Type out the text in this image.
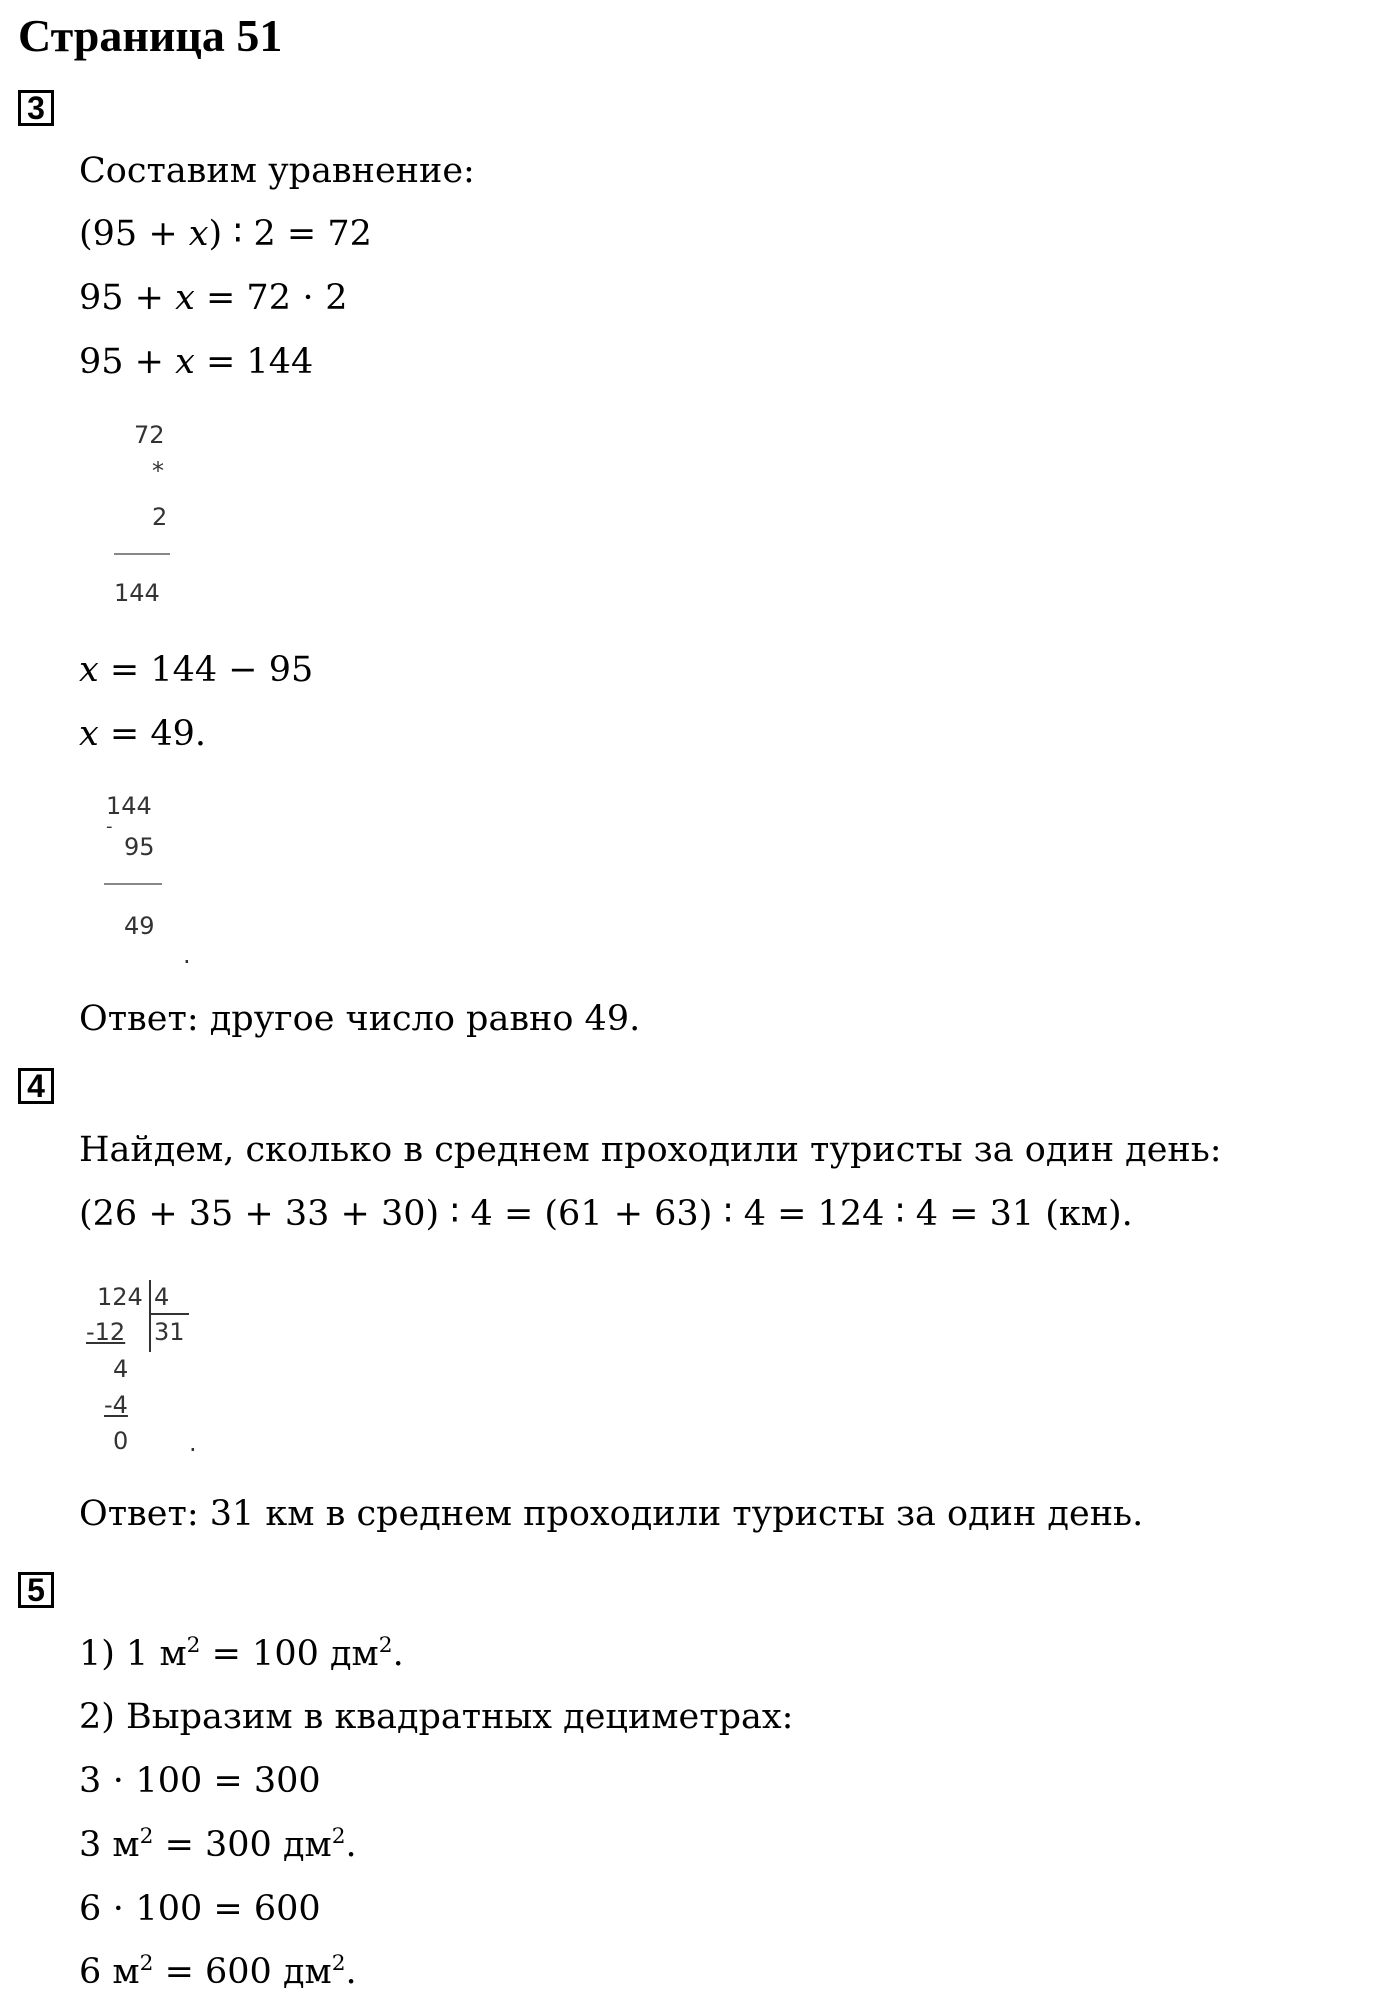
Страница 51
3
Составим уравнение:
(95 + 𝑥) ∶ 2 = 72
95 + 𝑥 = 72 ⋅ 2
95 + 𝑥 = 144
72
*
2
144
𝑥 = 144 − 95
𝑥 = 49.
144
-
95
49
.
Ответ: другое число равно 49.
4
Найдем, сколько в среднем проходили туристы за один день:
(26 + 35 + 33 + 30) ∶ 4 = (61 + 63) ∶ 4 = 124 ∶ 4 = 31 (км).
124 4
31
-12
4
-4
0	.
Ответ: 31 км в среднем проходили туристы за один день.
5
1) 1 $м^2 = 100$ $дм^2$.
2) Выразим в квадратных дециметрах:
3 ⋅ 100 = 300
3 $м^2 = 300$ $дм^2$.
6 ⋅ 100 = 600
6 $м^2 = 600$ $дм^2$.
